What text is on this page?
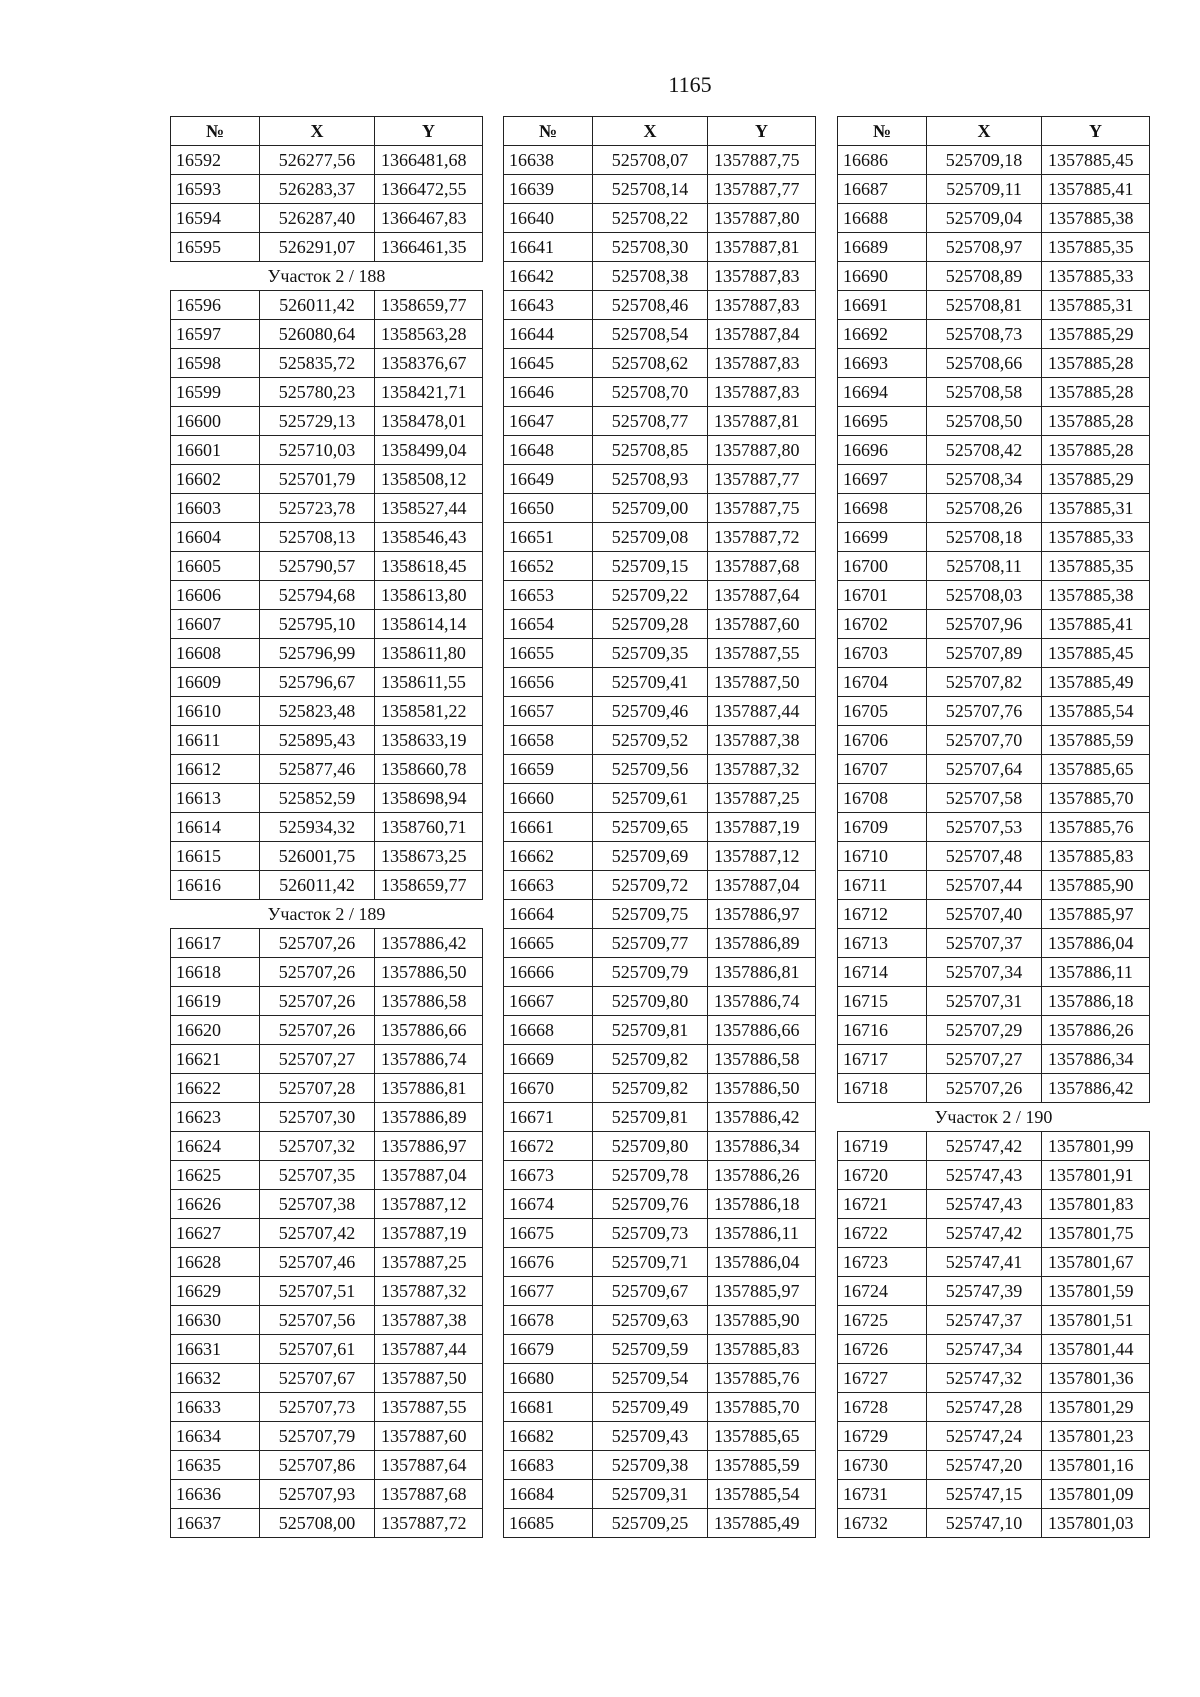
1165
№	X	Y
16592	526277,56	1366481,68
16593	526283,37	1366472,55
16594	526287,40	1366467,83
16595	526291,07	1366461,35
Участок 2 / 188		
16596	526011,42	1358659,77
16597	526080,64	1358563,28
16598	525835,72	1358376,67
16599	525780,23	1358421,71
16600	525729,13	1358478,01
16601	525710,03	1358499,04
16602	525701,79	1358508,12
16603	525723,78	1358527,44
16604	525708,13	1358546,43
16605	525790,57	1358618,45
16606	525794,68	1358613,80
16607	525795,10	1358614,14
16608	525796,99	1358611,80
16609	525796,67	1358611,55
16610	525823,48	1358581,22
16611	525895,43	1358633,19
16612	525877,46	1358660,78
16613	525852,59	1358698,94
16614	525934,32	1358760,71
16615	526001,75	1358673,25
16616	526011,42	1358659,77
Участок 2 / 189		
16617	525707,26	1357886,42
16618	525707,26	1357886,50
16619	525707,26	1357886,58
16620	525707,26	1357886,66
16621	525707,27	1357886,74
16622	525707,28	1357886,81
16623	525707,30	1357886,89
16624	525707,32	1357886,97
16625	525707,35	1357887,04
16626	525707,38	1357887,12
16627	525707,42	1357887,19
16628	525707,46	1357887,25
16629	525707,51	1357887,32
16630	525707,56	1357887,38
16631	525707,61	1357887,44
16632	525707,67	1357887,50
16633	525707,73	1357887,55
16634	525707,79	1357887,60
16635	525707,86	1357887,64
16636	525707,93	1357887,68
16637	525708,00	1357887,72
№	X	Y
16638	525708,07	1357887,75
16639	525708,14	1357887,77
16640	525708,22	1357887,80
16641	525708,30	1357887,81
16642	525708,38	1357887,83
16643	525708,46	1357887,83
16644	525708,54	1357887,84
16645	525708,62	1357887,83
16646	525708,70	1357887,83
16647	525708,77	1357887,81
16648	525708,85	1357887,80
16649	525708,93	1357887,77
16650	525709,00	1357887,75
16651	525709,08	1357887,72
16652	525709,15	1357887,68
16653	525709,22	1357887,64
16654	525709,28	1357887,60
16655	525709,35	1357887,55
16656	525709,41	1357887,50
16657	525709,46	1357887,44
16658	525709,52	1357887,38
16659	525709,56	1357887,32
16660	525709,61	1357887,25
16661	525709,65	1357887,19
16662	525709,69	1357887,12
16663	525709,72	1357887,04
16664	525709,75	1357886,97
16665	525709,77	1357886,89
16666	525709,79	1357886,81
16667	525709,80	1357886,74
16668	525709,81	1357886,66
16669	525709,82	1357886,58
16670	525709,82	1357886,50
16671	525709,81	1357886,42
16672	525709,80	1357886,34
16673	525709,78	1357886,26
16674	525709,76	1357886,18
16675	525709,73	1357886,11
16676	525709,71	1357886,04
16677	525709,67	1357885,97
16678	525709,63	1357885,90
16679	525709,59	1357885,83
16680	525709,54	1357885,76
16681	525709,49	1357885,70
16682	525709,43	1357885,65
16683	525709,38	1357885,59
16684	525709,31	1357885,54
16685	525709,25	1357885,49
№	X	Y
16686	525709,18	1357885,45
16687	525709,11	1357885,41
16688	525709,04	1357885,38
16689	525708,97	1357885,35
16690	525708,89	1357885,33
16691	525708,81	1357885,31
16692	525708,73	1357885,29
16693	525708,66	1357885,28
16694	525708,58	1357885,28
16695	525708,50	1357885,28
16696	525708,42	1357885,28
16697	525708,34	1357885,29
16698	525708,26	1357885,31
16699	525708,18	1357885,33
16700	525708,11	1357885,35
16701	525708,03	1357885,38
16702	525707,96	1357885,41
16703	525707,89	1357885,45
16704	525707,82	1357885,49
16705	525707,76	1357885,54
16706	525707,70	1357885,59
16707	525707,64	1357885,65
16708	525707,58	1357885,70
16709	525707,53	1357885,76
16710	525707,48	1357885,83
16711	525707,44	1357885,90
16712	525707,40	1357885,97
16713	525707,37	1357886,04
16714	525707,34	1357886,11
16715	525707,31	1357886,18
16716	525707,29	1357886,26
16717	525707,27	1357886,34
16718	525707,26	1357886,42
Участок 2 / 190		
16719	525747,42	1357801,99
16720	525747,43	1357801,91
16721	525747,43	1357801,83
16722	525747,42	1357801,75
16723	525747,41	1357801,67
16724	525747,39	1357801,59
16725	525747,37	1357801,51
16726	525747,34	1357801,44
16727	525747,32	1357801,36
16728	525747,28	1357801,29
16729	525747,24	1357801,23
16730	525747,20	1357801,16
16731	525747,15	1357801,09
16732	525747,10	1357801,03
